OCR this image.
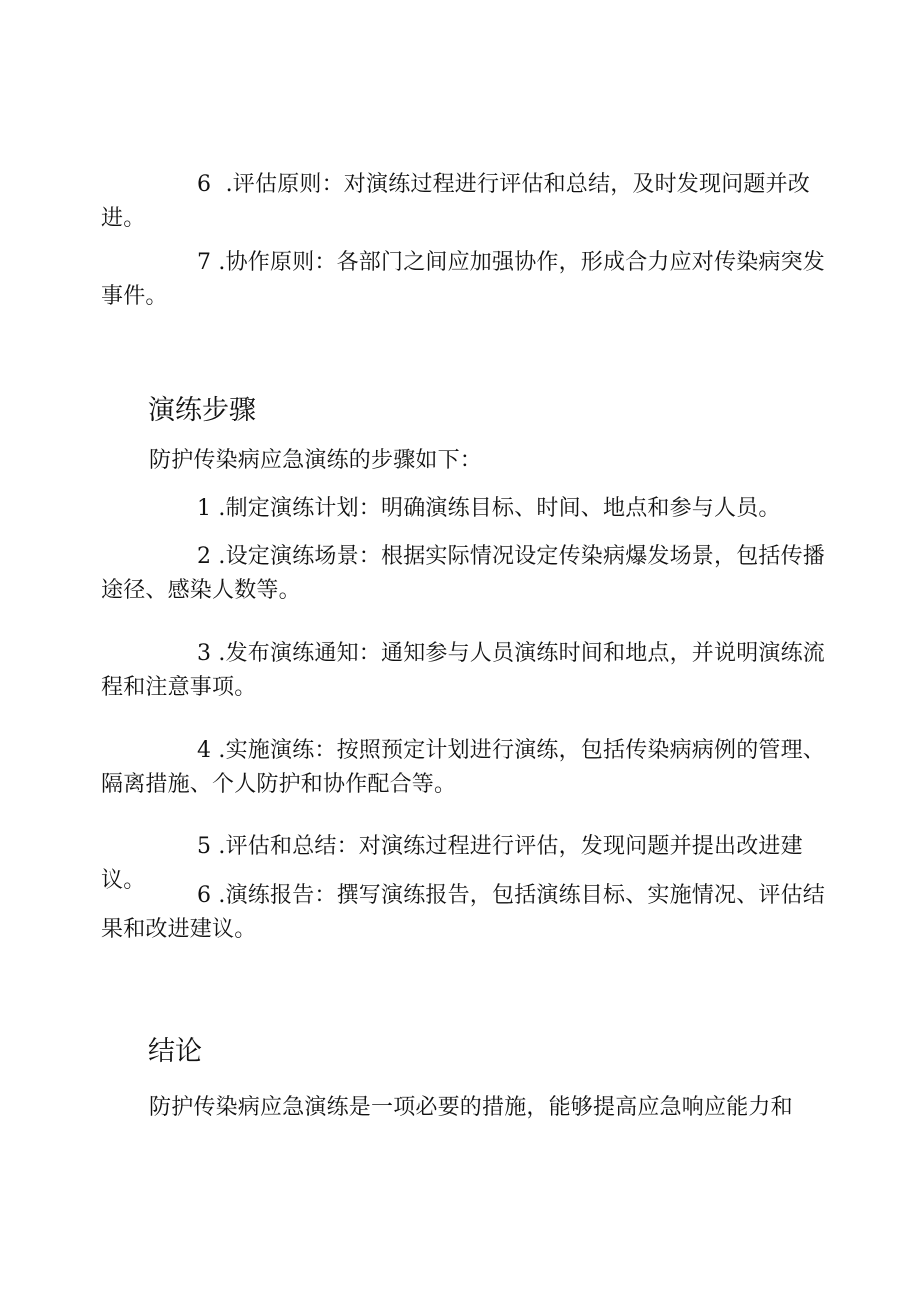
6  .评估原则：对演练过程进行评估和总结，及时发现问题并改进。

7 .协作原则：各部门之间应加强协作，形成合力应对传染病突发事件。

演练步骤

防护传染病应急演练的步骤如下：

1 .制定演练计划：明确演练目标、时间、地点和参与人员。

2 .设定演练场景：根据实际情况设定传染病爆发场景，包括传播途径、感染人数等。

3 .发布演练通知：通知参与人员演练时间和地点，并说明演练流程和注意事项。

4 .实施演练：按照预定计划进行演练，包括传染病病例的管理、隔离措施、个人防护和协作配合等。

5 .评估和总结：对演练过程进行评估，发现问题并提出改进建议。

6 .演练报告：撰写演练报告，包括演练目标、实施情况、评估结果和改进建议。

结论

防护传染病应急演练是一项必要的措施，能够提高应急响应能力和
